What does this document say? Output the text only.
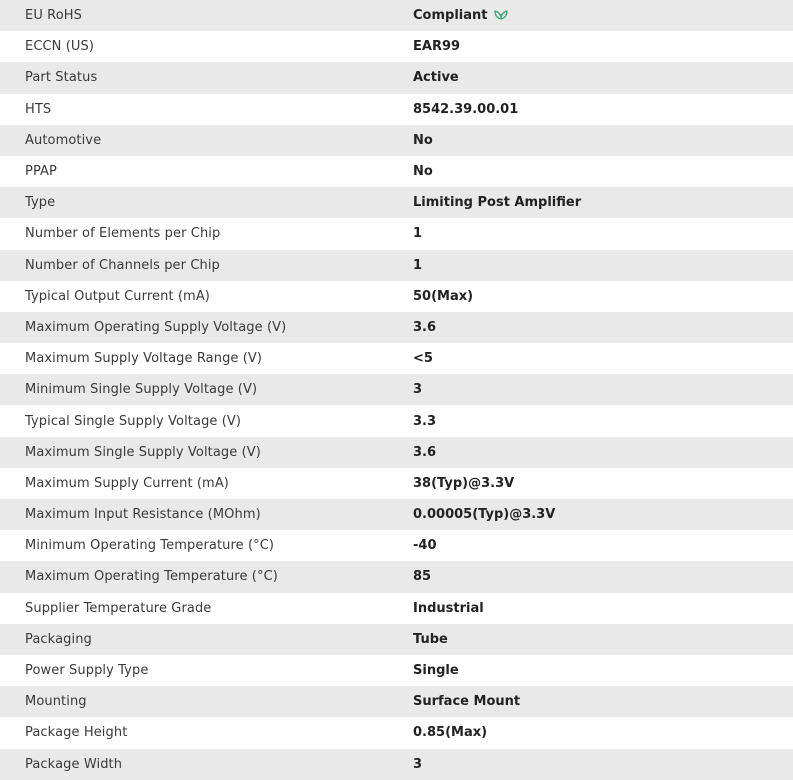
EU RoHS	Compliant
ECCN (US)	EAR99
Part Status	Active
HTS	8542.39.00.01
Automotive	No
PPAP	No
Type	Limiting Post Amplifier
Number of Elements per Chip	1
Number of Channels per Chip	1
Typical Output Current (mA)	50(Max)
Maximum Operating Supply Voltage (V)	3.6
Maximum Supply Voltage Range (V)	<5
Minimum Single Supply Voltage (V)	3
Typical Single Supply Voltage (V)	3.3
Maximum Single Supply Voltage (V)	3.6
Maximum Supply Current (mA)	38(Typ)@3.3V
Maximum Input Resistance (MOhm)	0.00005(Typ)@3.3V
Minimum Operating Temperature (°C)	-40
Maximum Operating Temperature (°C)	85
Supplier Temperature Grade	Industrial
Packaging	Tube
Power Supply Type	Single
Mounting	Surface Mount
Package Height	0.85(Max)
Package Width	3
